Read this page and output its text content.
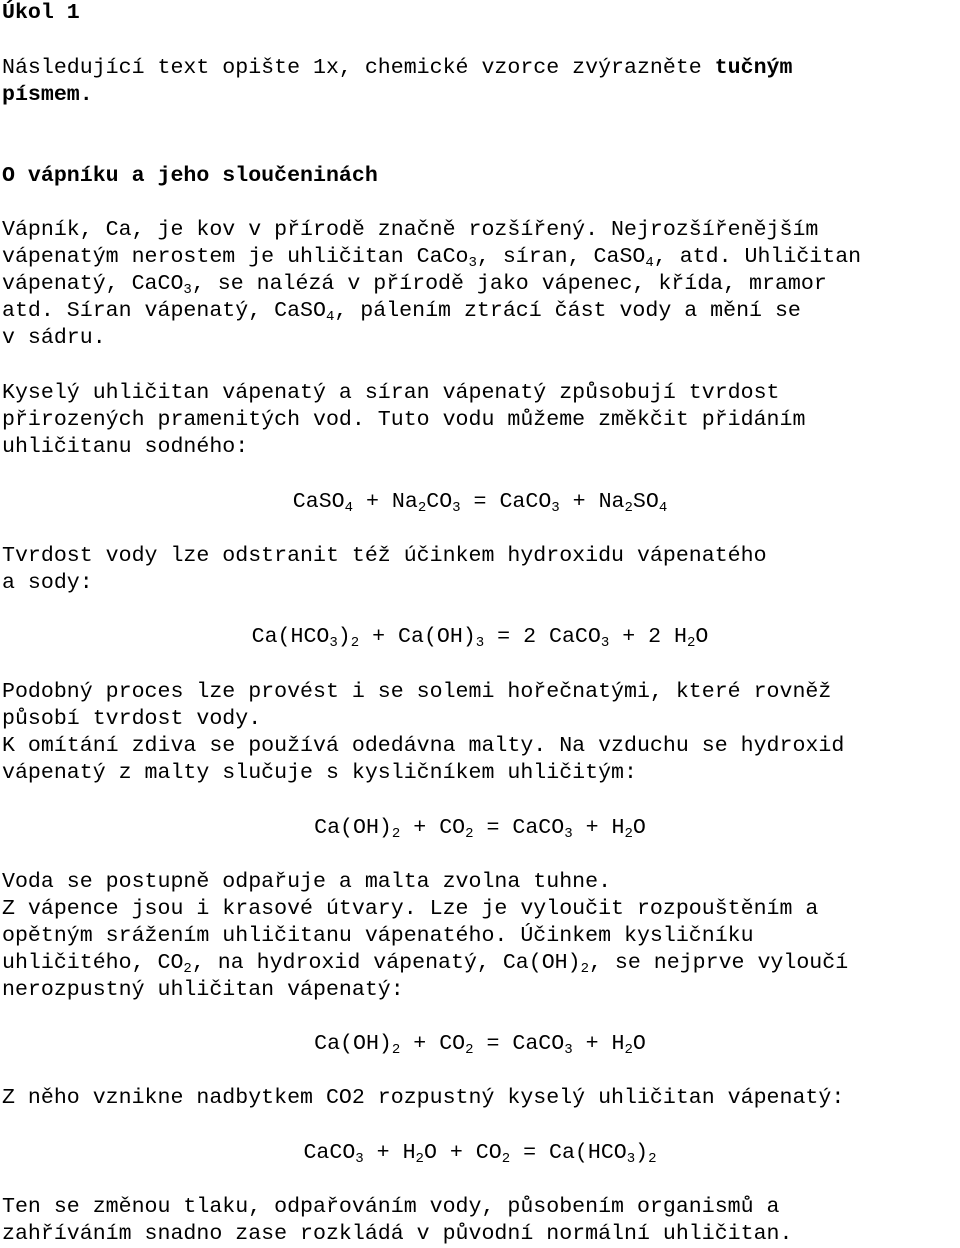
Úkol 1
Následující text opište 1x, chemické vzorce zvýrazněte tučným
písmem.
O vápníku a jeho sloučeninách
Vápník, Ca, je kov v přírodě značně rozšířený. Nejrozšířenějším
vápenatým nerostem je uhličitan CaCo$_3$, síran, CaSO$_4$, atd. Uhličitan
vápenatý, CaCO$_3$, se nalézá v přírodě jako vápenec, křída, mramor
atd. Síran vápenatý, CaSO$_4$, pálením ztrácí část vody a mění se
v sádru.
Kyselý uhličitan vápenatý a síran vápenatý způsobují tvrdost
přirozených pramenitých vod. Tuto vodu můžeme změkčit přidáním
uhličitanu sodného:
CaSO$_4$ + $Na_2CO_3$ = CaCO$_3$ + $Na_2SO_4$
Tvrdost vody lze odstranit též účinkem hydroxidu vápenatého
a sody:
$Ca(HCO_3)_2 + Ca(OH)_3 = 2$ CaCO$_3$ + 2 $H_2O$
Podobný proces lze provést i se solemi hořečnatými, které rovněž
působí tvrdost vody.
K omítání zdiva se používá odedávna malty. Na vzduchu se hydroxid
vápenatý z malty slučuje s kysličníkem uhličitým:
$Ca(OH)_2 + CO_2$ = CaCO$_3$ + $H_2O$
Voda se postupně odpařuje a malta zvolna tuhne.
Z vápence jsou i krasové útvary. Lze je vyloučit rozpouštěním a
opětným srážením uhličitanu vápenatého. Účinkem kysličníku
uhličitého, $CO_2$, na hydroxid vápenatý, $Ca(OH)_2$, se nejprve vyloučí
nerozpustný uhličitan vápenatý:
$Ca(OH)_2 + CO_2$ = CaCO$_3$ + $H_2O$
Z něho vznikne nadbytkem CO2 rozpustný kyselý uhličitan vápenatý:
CaCO$_3$ + $H_2O + CO_2 = Ca(HCO_3)_2$
Ten se změnou tlaku, odpařováním vody, působením organismů a
zahříváním snadno zase rozkládá v původní normální uhličitan.
